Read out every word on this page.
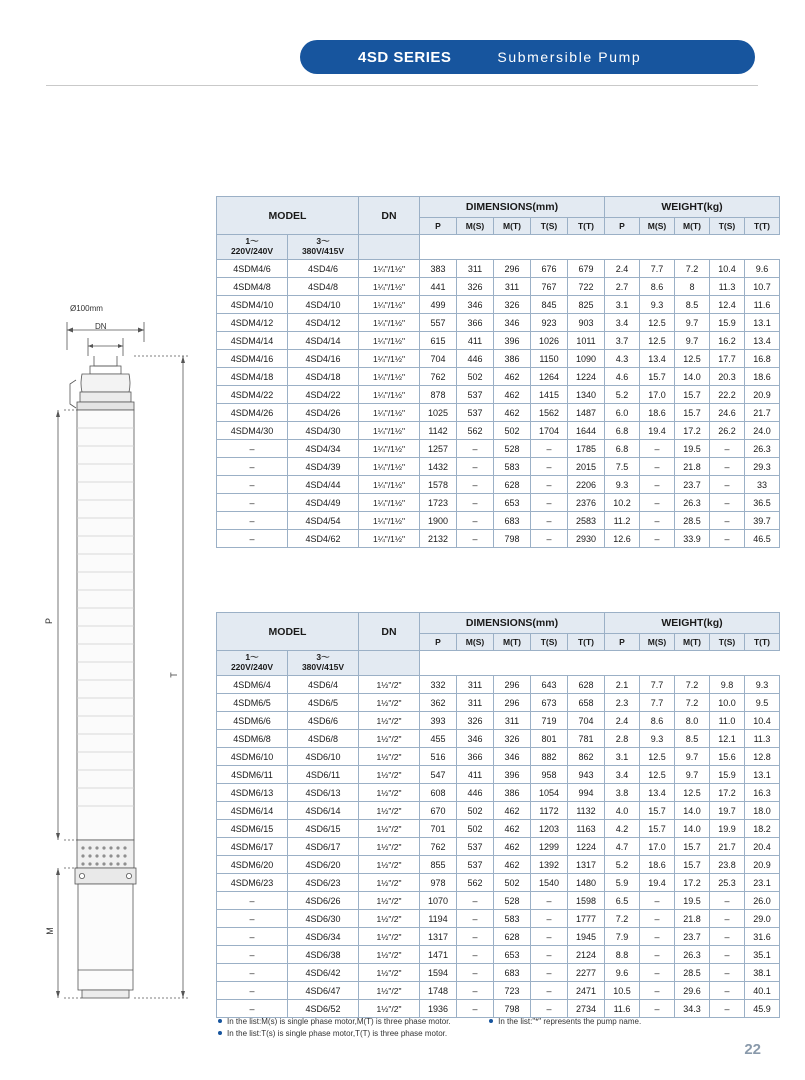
4SD SERIES	Submersible Pump
Ø100mm
DN
P
T
M
MODEL		DN	DIMENSIONS(mm)					WEIGHT(kg)				
			P	M(S)	M(T)	T(S)	T(T)	P	M(S)	M(T)	T(S)	T(T)

1～
220V/240V

3～
380V/415V

4SDM4/6	4SD4/6	1¼"/1½"	383	311	296	676	679	2.4	7.7	7.2	10.4	9.6
4SDM4/8	4SD4/8	1¼"/1½"	441	326	311	767	722	2.7	8.6	8	11.3	10.7
4SDM4/10	4SD4/10	1¼"/1½"	499	346	326	845	825	3.1	9.3	8.5	12.4	11.6
4SDM4/12	4SD4/12	1¼"/1½"	557	366	346	923	903	3.4	12.5	9.7	15.9	13.1
4SDM4/14	4SD4/14	1¼"/1½"	615	411	396	1026	1011	3.7	12.5	9.7	16.2	13.4
4SDM4/16	4SD4/16	1¼"/1½"	704	446	386	1150	1090	4.3	13.4	12.5	17.7	16.8
4SDM4/18	4SD4/18	1¼"/1½"	762	502	462	1264	1224	4.6	15.7	14.0	20.3	18.6
4SDM4/22	4SD4/22	1¼"/1½"	878	537	462	1415	1340	5.2	17.0	15.7	22.2	20.9
4SDM4/26	4SD4/26	1¼"/1½"	1025	537	462	1562	1487	6.0	18.6	15.7	24.6	21.7
4SDM4/30	4SD4/30	1¼"/1½"	1142	562	502	1704	1644	6.8	19.4	17.2	26.2	24.0
–	4SD4/34	1¼"/1½"	1257	–	528	–	1785	6.8	–	19.5	–	26.3
–	4SD4/39	1¼"/1½"	1432	–	583	–	2015	7.5	–	21.8	–	29.3
–	4SD4/44	1¼"/1½"	1578	–	628	–	2206	9.3	–	23.7	–	33
–	4SD4/49	1¼"/1½"	1723	–	653	–	2376	10.2	–	26.3	–	36.5
–	4SD4/54	1¼"/1½"	1900	–	683	–	2583	11.2	–	28.5	–	39.7
–	4SD4/62	1¼"/1½"	2132	–	798	–	2930	12.6	–	33.9	–	46.5
MODEL		DN	DIMENSIONS(mm)					WEIGHT(kg)				
			P	M(S)	M(T)	T(S)	T(T)	P	M(S)	M(T)	T(S)	T(T)

1～
220V/240V

3～
380V/415V

4SDM6/4	4SD6/4	1½"/2"	332	311	296	643	628	2.1	7.7	7.2	9.8	9.3
4SDM6/5	4SD6/5	1½"/2"	362	311	296	673	658	2.3	7.7	7.2	10.0	9.5
4SDM6/6	4SD6/6	1½"/2"	393	326	311	719	704	2.4	8.6	8.0	11.0	10.4
4SDM6/8	4SD6/8	1½"/2"	455	346	326	801	781	2.8	9.3	8.5	12.1	11.3
4SDM6/10	4SD6/10	1½"/2"	516	366	346	882	862	3.1	12.5	9.7	15.6	12.8
4SDM6/11	4SD6/11	1½"/2"	547	411	396	958	943	3.4	12.5	9.7	15.9	13.1
4SDM6/13	4SD6/13	1½"/2"	608	446	386	1054	994	3.8	13.4	12.5	17.2	16.3
4SDM6/14	4SD6/14	1½"/2"	670	502	462	1172	1132	4.0	15.7	14.0	19.7	18.0
4SDM6/15	4SD6/15	1½"/2"	701	502	462	1203	1163	4.2	15.7	14.0	19.9	18.2
4SDM6/17	4SD6/17	1½"/2"	762	537	462	1299	1224	4.7	17.0	15.7	21.7	20.4
4SDM6/20	4SD6/20	1½"/2"	855	537	462	1392	1317	5.2	18.6	15.7	23.8	20.9
4SDM6/23	4SD6/23	1½"/2"	978	562	502	1540	1480	5.9	19.4	17.2	25.3	23.1
–	4SD6/26	1½"/2"	1070	–	528	–	1598	6.5	–	19.5	–	26.0
–	4SD6/30	1½"/2"	1194	–	583	–	1777	7.2	–	21.8	–	29.0
–	4SD6/34	1½"/2"	1317	–	628	–	1945	7.9	–	23.7	–	31.6
–	4SD6/38	1½"/2"	1471	–	653	–	2124	8.8	–	26.3	–	35.1
–	4SD6/42	1½"/2"	1594	–	683	–	2277	9.6	–	28.5	–	38.1
–	4SD6/47	1½"/2"	1748	–	723	–	2471	10.5	–	29.6	–	40.1
–	4SD6/52	1½"/2"	1936	–	798	–	2734	11.6	–	34.3	–	45.9
In the list:M(s) is single phase motor,M(T) is three phase motor.	In the list:"*" represents the pump name.
In the list:T(s) is single phase motor,T(T) is three phase motor.
22
